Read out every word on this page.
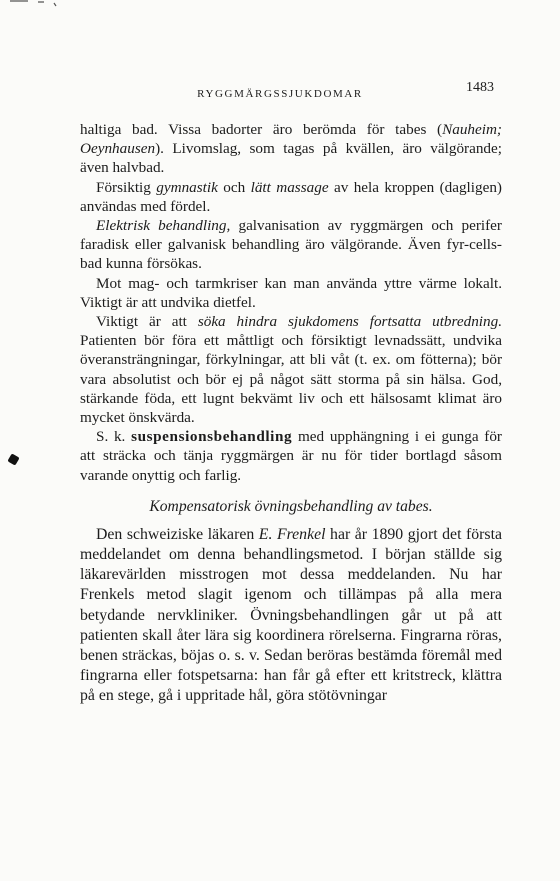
RYGGMÄRGSSJUKDOMAR	1483

haltiga bad. Vissa badorter äro berömda för tabes (Nauheim; Oeynhausen). Livomslag, som tagas på kvällen, äro välgörande; även halvbad.

Försiktig gymnastik och lätt massage av hela kroppen (dagligen) användas med fördel.

Elektrisk behandling, galvanisation av ryggmärgen och perifer faradisk eller galvanisk behandling äro välgörande. Även fyr-cells-bad kunna försökas.

Mot mag- och tarmkriser kan man använda yttre värme lokalt. Viktigt är att undvika dietfel.

Viktigt är att söka hindra sjukdomens fortsatta utbredning. Patienten bör föra ett måttligt och försiktigt levnadssätt, undvika överansträngningar, förkylningar, att bli våt (t. ex. om fötterna); bör vara absolutist och bör ej på något sätt storma på sin hälsa. God, stärkande föda, ett lugnt bekvämt liv och ett hälsosamt klimat äro mycket önskvärda.

S. k. suspensionsbehandling med upphängning i ei gunga för att sträcka och tänja ryggmärgen är nu för tider bortlagd såsom varande onyttig och farlig.

Kompensatorisk övningsbehandling av tabes.

Den schweiziske läkaren E. Frenkel har år 1890 gjort det första meddelandet om denna behandlingsmetod. I början ställde sig läkarevärlden misstrogen mot dessa meddelanden. Nu har Frenkels metod slagit igenom och tillämpas på alla mera betydande nervkliniker. Övningsbehandlingen går ut på att patienten skall åter lära sig koordinera rörelserna. Fingrarna röras, benen sträckas, böjas o. s. v. Sedan beröras bestämda föremål med fingrarna eller fotspetsarna: han får gå efter ett kritstreck, klättra på en stege, gå i uppritade hål, göra stötövningar
